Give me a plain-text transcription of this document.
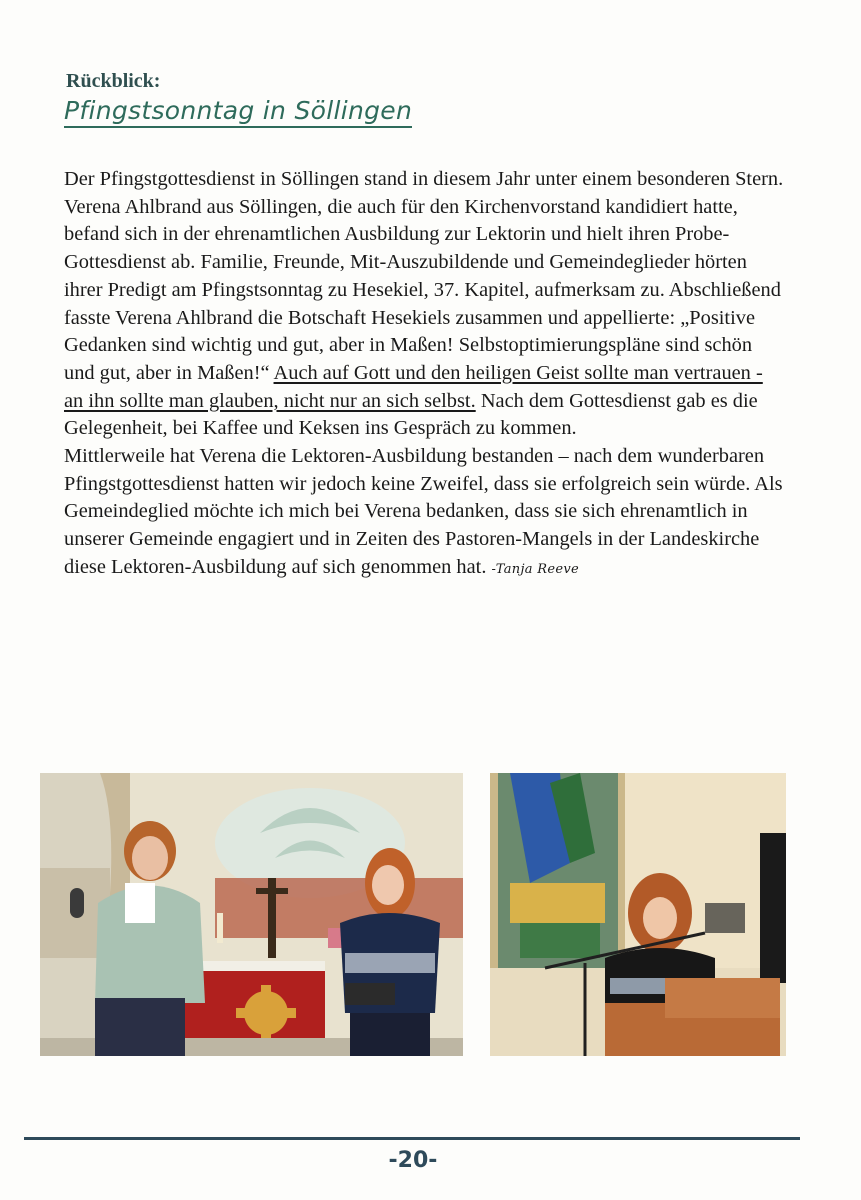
Rückblick:
Pfingstsonntag in Söllingen

Der Pfingstgottesdienst in Söllingen stand in diesem Jahr unter einem besonderen Stern. Verena Ahlbrand aus Söllingen, die auch für den Kirchenvorstand kandidiert hatte, befand sich in der ehrenamtlichen Ausbildung zur Lektorin und hielt ihren Probe-Gottesdienst ab. Familie, Freunde, Mit-Auszubildende und Gemeindeglieder hörten ihrer Predigt am Pfingstsonntag zu Hesekiel, 37. Kapitel, aufmerksam zu. Abschließend fasste Verena Ahlbrand die Botschaft Hesekiels zusammen und appellierte: „Positive Gedanken sind wichtig und gut, aber in Maßen! Selbstoptimierungspläne sind schön und gut, aber in Maßen!“ Auch auf Gott und den heiligen Geist sollte man vertrauen - an ihn sollte man glauben, nicht nur an sich selbst. Nach dem Gottesdienst gab es die Gelegenheit, bei Kaffee und Keksen ins Gespräch zu kommen.

Mittlerweile hat Verena die Lektoren-Ausbildung bestanden – nach dem wunderbaren Pfingstgottesdienst hatten wir jedoch keine Zweifel, dass sie erfolgreich sein würde. Als Gemeindeglied möchte ich mich bei Verena bedanken, dass sie sich ehrenamtlich in unserer Gemeinde engagiert und in Zeiten des Pastoren-Mangels in der Landeskirche diese Lektoren-Ausbildung auf sich genommen hat. -Tanja Reeve

-20-
